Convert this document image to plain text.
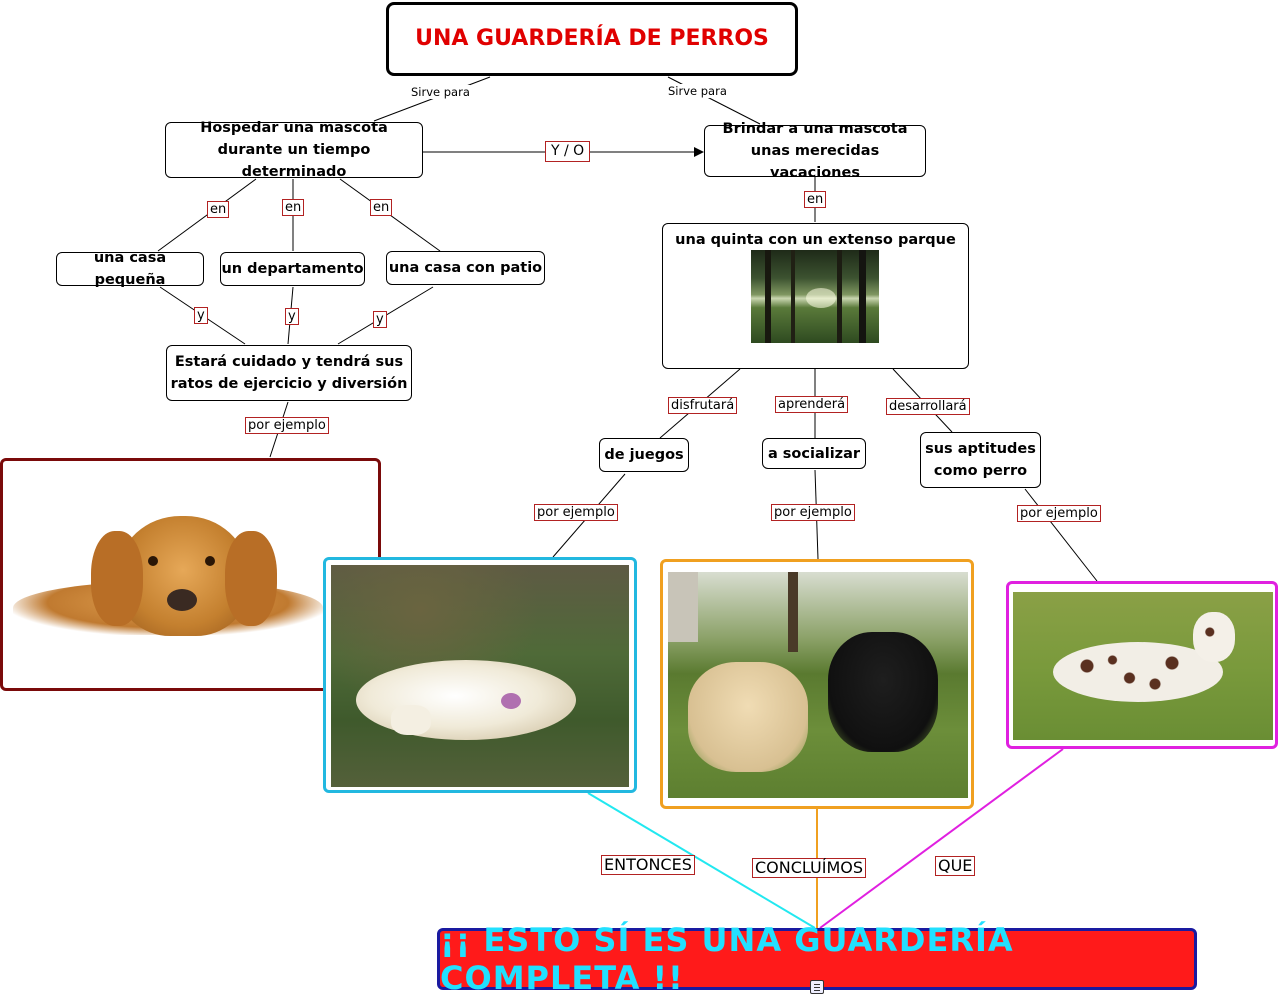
UNA GUARDERÍA DE PERROS
Sirve para	Sirve para
Hospedar una mascota
durante un tiempo determinado
Brindar a una mascota
unas merecidas vacaciones
Y / O
en	en	en
en
una casa pequeña
un departamento una casa con patio
una quinta con un extenso parque
y	y	y
Estará cuidado y tendrá sus
ratos de ejercicio y diversión
por ejemplo
disfrutará	aprenderá	desarrollará
de juegos	a socializar	sus aptitudes
como perro
por ejemplo	por ejemplo	por ejemplo
ENTONCES	CONCLUÍMOS	QUE
¡¡ ESTO SÍ ES UNA GUARDERÍA COMPLETA !!
